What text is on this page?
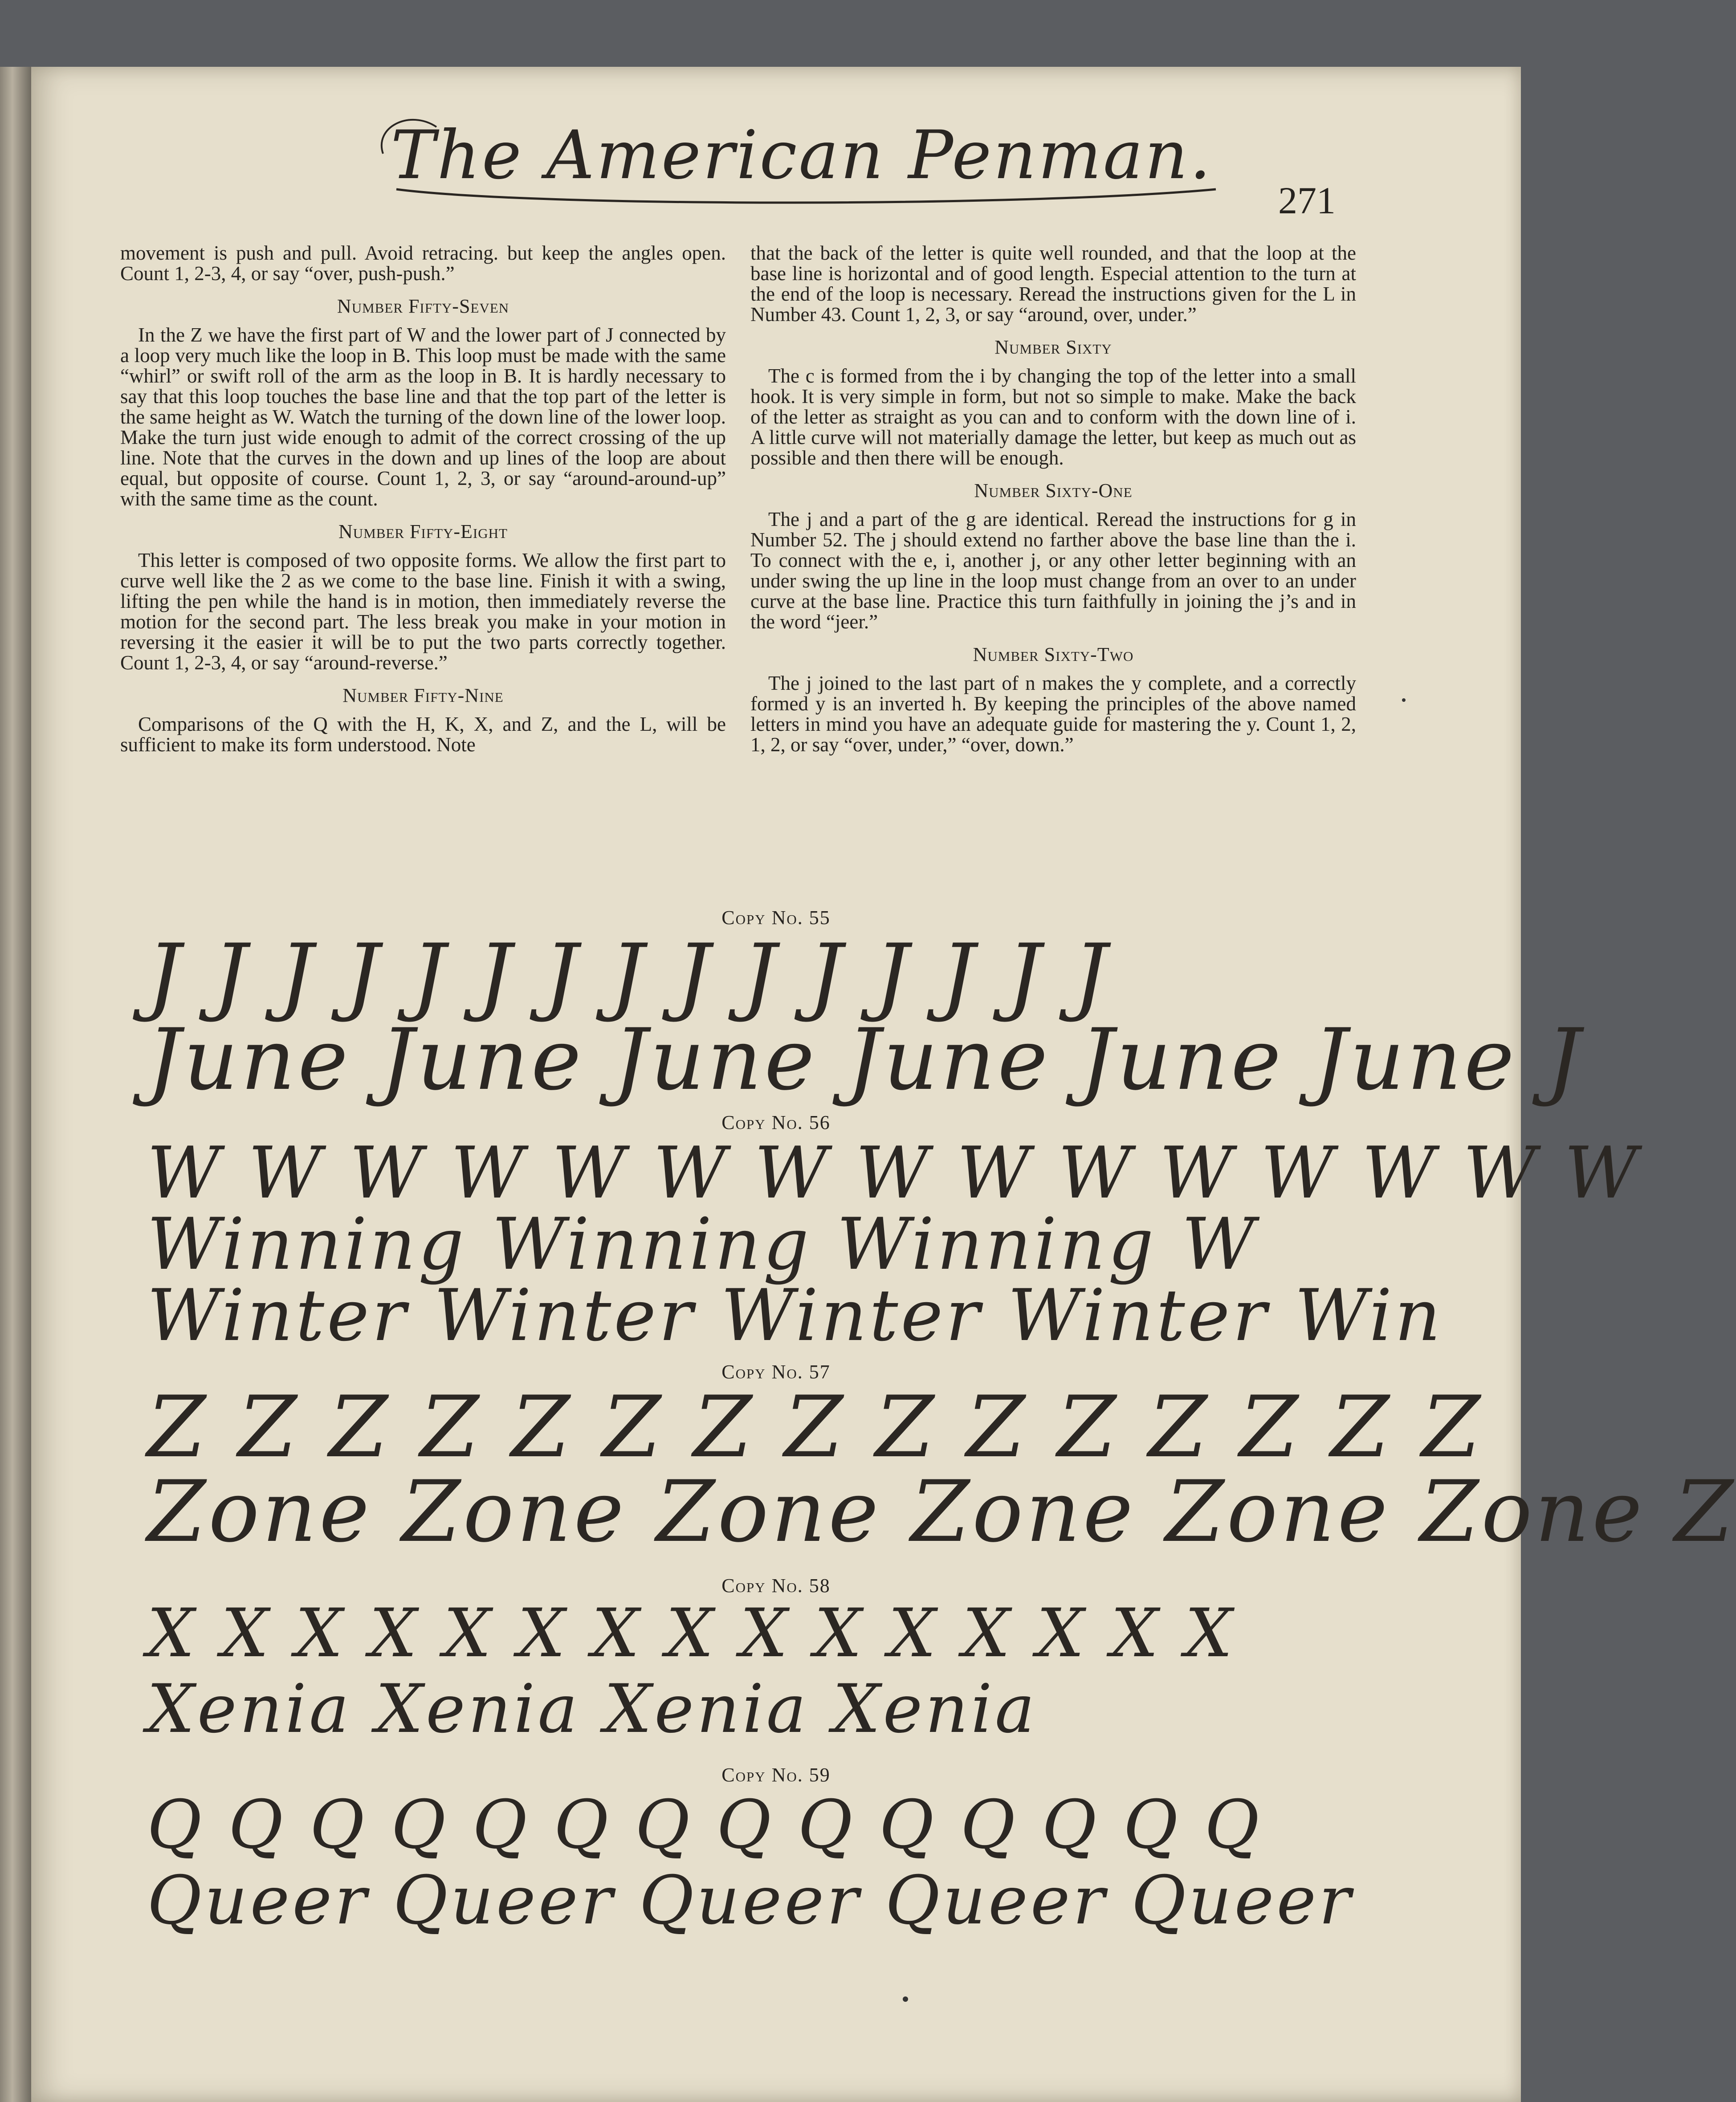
The American Penman.
271

movement is push and pull. Avoid retracing. but keep the angles open. Count 1, 2-3, 4, or say “over, push-push.”

Number Fifty-Seven

In the Z we have the first part of W and the lower part of J connected by a loop very much like the loop in B. This loop must be made with the same “whirl” or swift roll of the arm as the loop in B. It is hardly necessary to say that this loop touches the base line and that the top part of the letter is the same height as W. Watch the turning of the down line of the lower loop. Make the turn just wide enough to admit of the correct crossing of the up line. Note that the curves in the down and up lines of the loop are about equal, but opposite of course. Count 1, 2, 3, or say “around-around-up” with the same time as the count.

Number Fifty-Eight

This letter is composed of two opposite forms. We allow the first part to curve well like the 2 as we come to the base line. Finish it with a swing, lifting the pen while the hand is in motion, then immediately reverse the motion for the second part. The less break you make in your motion in reversing it the easier it will be to put the two parts correctly together. Count 1, 2-3, 4, or say “around-reverse.”

Number Fifty-Nine

Comparisons of the Q with the H, K, X, and Z, and the L, will be sufficient to make its form understood. Note

that the back of the letter is quite well rounded, and that the loop at the base line is horizontal and of good length. Especial attention to the turn at the end of the loop is necessary. Reread the instructions given for the L in Number 43. Count 1, 2, 3, or say “around, over, under.”

Number Sixty

The c is formed from the i by changing the top of the letter into a small hook. It is very simple in form, but not so simple to make. Make the back of the letter as straight as you can and to conform with the down line of i. A little curve will not materially damage the letter, but keep as much out as possible and then there will be enough.

Number Sixty-One

The j and a part of the g are identical. Reread the instructions for g in Number 52. The j should extend no farther above the base line than the i. To connect with the e, i, another j, or any other letter beginning with an under swing the up line in the loop must change from an over to an under curve at the base line. Practice this turn faithfully in joining the j’s and in the word “jeer.”

Number Sixty-Two

The j joined to the last part of n makes the y complete, and a correctly formed y is an inverted h. By keeping the principles of the above named letters in mind you have an adequate guide for mastering the y. Count 1, 2, 1, 2, or say “over, under,” “over, down.”

Copy No. 55
J J J J J J J J J J J J J J J
June June June June June June J
Copy No. 56
W W W W W W W W W W W W W W W
Winning Winning Winning W
Winter Winter Winter Winter Win
Copy No. 57
Z Z Z Z Z Z Z Z Z Z Z Z Z Z Z
Zone Zone Zone Zone Zone Zone Z
Copy No. 58
X X X X X X X X X X X X X X X
Xenia Xenia Xenia Xenia
Copy No. 59
Q Q Q Q Q Q Q Q Q Q Q Q Q Q
Queer Queer Queer Queer Queer
